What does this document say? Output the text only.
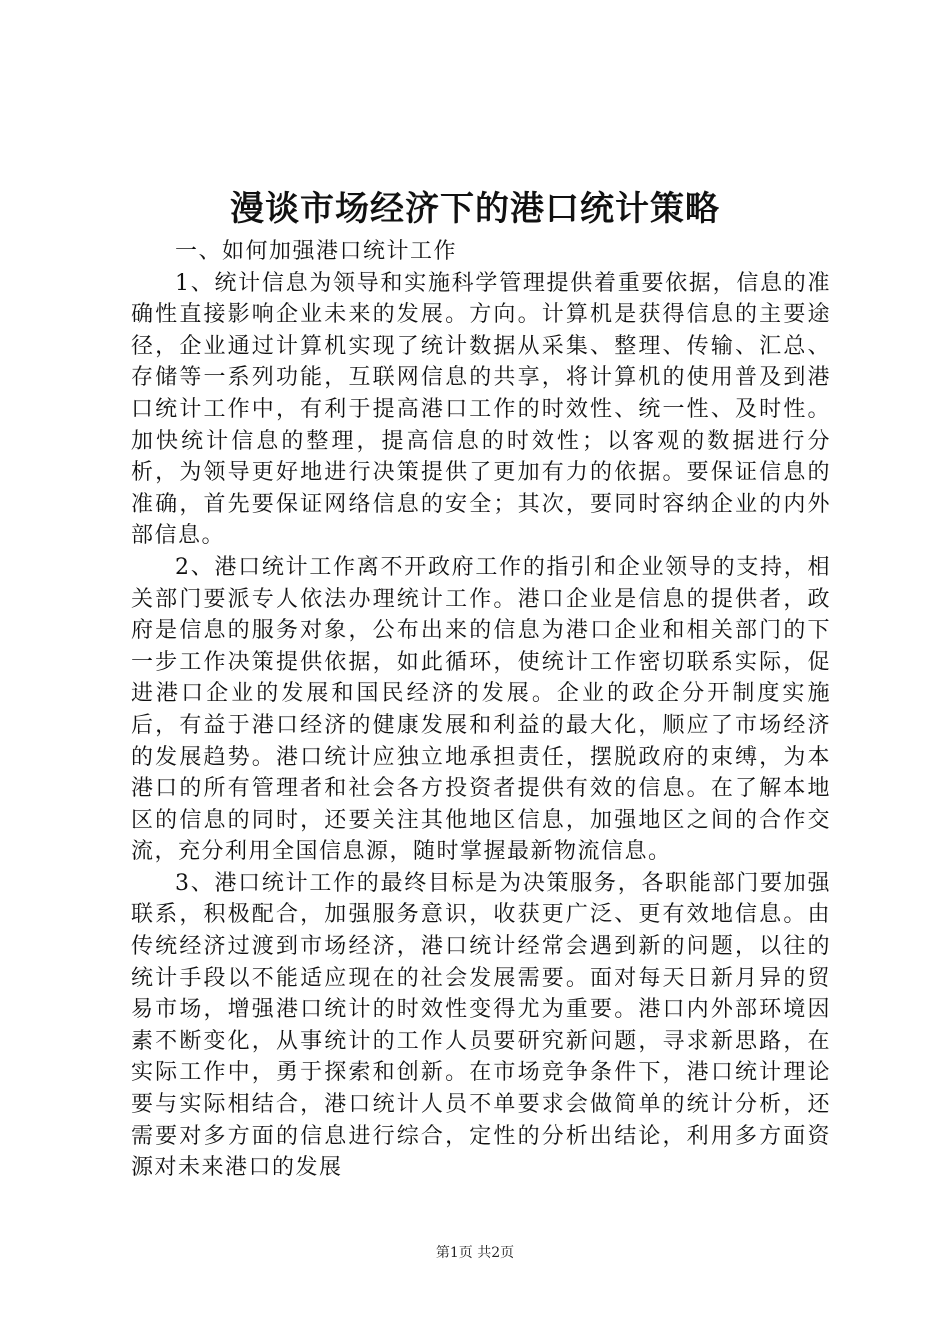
漫谈市场经济下的港口统计策略

一、如何加强港口统计工作

1、统计信息为领导和实施科学管理提供着重要依据，信息的准确性直接影响企业未来的发展。方向。计算机是获得信息的主要途径，企业通过计算机实现了统计数据从采集、整理、传输、汇总、存储等一系列功能，互联网信息的共享，将计算机的使用普及到港口统计工作中，有利于提高港口工作的时效性、统一性、及时性。加快统计信息的整理，提高信息的时效性；以客观的数据进行分析，为领导更好地进行决策提供了更加有力的依据。要保证信息的准确，首先要保证网络信息的安全；其次，要同时容纳企业的内外部信息。

2、港口统计工作离不开政府工作的指引和企业领导的支持，相关部门要派专人依法办理统计工作。港口企业是信息的提供者，政府是信息的服务对象，公布出来的信息为港口企业和相关部门的下一步工作决策提供依据，如此循环，使统计工作密切联系实际，促进港口企业的发展和国民经济的发展。企业的政企分开制度实施后，有益于港口经济的健康发展和利益的最大化，顺应了市场经济的发展趋势。港口统计应独立地承担责任，摆脱政府的束缚，为本港口的所有管理者和社会各方投资者提供有效的信息。在了解本地区的信息的同时，还要关注其他地区信息，加强地区之间的合作交流，充分利用全国信息源，随时掌握最新物流信息。

3、港口统计工作的最终目标是为决策服务，各职能部门要加强联系，积极配合，加强服务意识，收获更广泛、更有效地信息。由传统经济过渡到市场经济，港口统计经常会遇到新的问题，以往的统计手段以不能适应现在的社会发展需要。面对每天日新月异的贸易市场，增强港口统计的时效性变得尤为重要。港口内外部环境因素不断变化，从事统计的工作人员要研究新问题，寻求新思路，在实际工作中，勇于探索和创新。在市场竞争条件下，港口统计理论要与实际相结合，港口统计人员不单要求会做简单的统计分析，还需要对多方面的信息进行综合，定性的分析出结论，利用多方面资源对未来港口的发展

第1页 共2页
